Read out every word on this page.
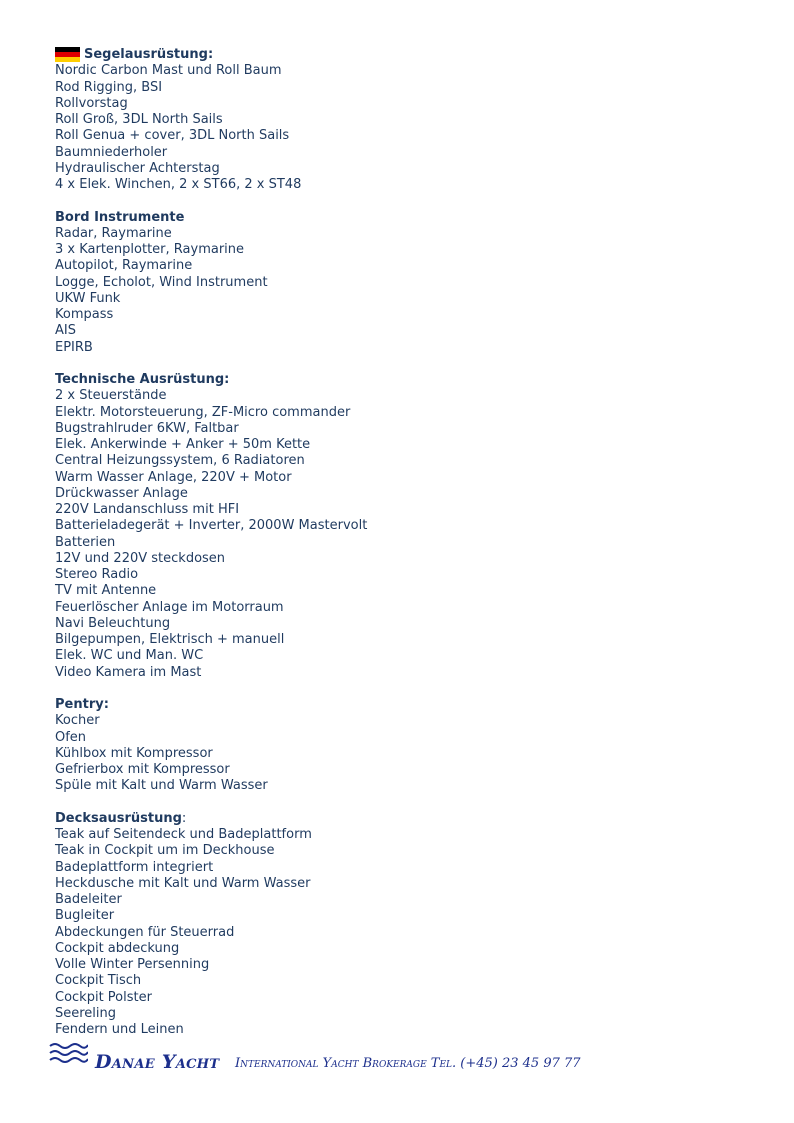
Segelausrüstung:
Nordic Carbon Mast und Roll Baum
Rod Rigging, BSI
Rollvorstag
Roll Groß, 3DL North Sails
Roll Genua + cover, 3DL North Sails
Baumniederholer
Hydraulischer Achterstag
4 x Elek. Winchen, 2 x ST66, 2 x ST48
Bord Instrumente
Radar, Raymarine
3 x Kartenplotter, Raymarine
Autopilot, Raymarine
Logge, Echolot, Wind Instrument
UKW Funk
Kompass
AIS
EPIRB
Technische Ausrüstung:
2 x Steuerstände
Elektr. Motorsteuerung, ZF-Micro commander
Bugstrahlruder 6KW, Faltbar
Elek. Ankerwinde + Anker + 50m Kette
Central Heizungssystem, 6 Radiatoren
Warm Wasser Anlage, 220V + Motor
Drückwasser Anlage
220V Landanschluss mit HFI
Batterieladegerät + Inverter, 2000W Mastervolt
Batterien
12V und 220V steckdosen
Stereo Radio
TV mit Antenne
Feuerlöscher Anlage im Motorraum
Navi Beleuchtung
Bilgepumpen, Elektrisch + manuell
Elek. WC und Man. WC
Video Kamera im Mast
Pentry:
Kocher
Ofen
Kühlbox mit Kompressor
Gefrierbox mit Kompressor
Spüle mit Kalt und Warm Wasser
Decksausrüstung :
Teak auf Seitendeck und Badeplattform
Teak in Cockpit um im Deckhouse
Badeplattform integriert
Heckdusche mit Kalt und Warm Wasser
Badeleiter
Bugleiter
Abdeckungen für Steuerrad
Cockpit abdeckung
Volle Winter Persenning
Cockpit Tisch
Cockpit Polster
Seereling
Fendern und Leinen
Danae Yacht International Yacht Brokerage Tel. (+45) 23 45 97 77
